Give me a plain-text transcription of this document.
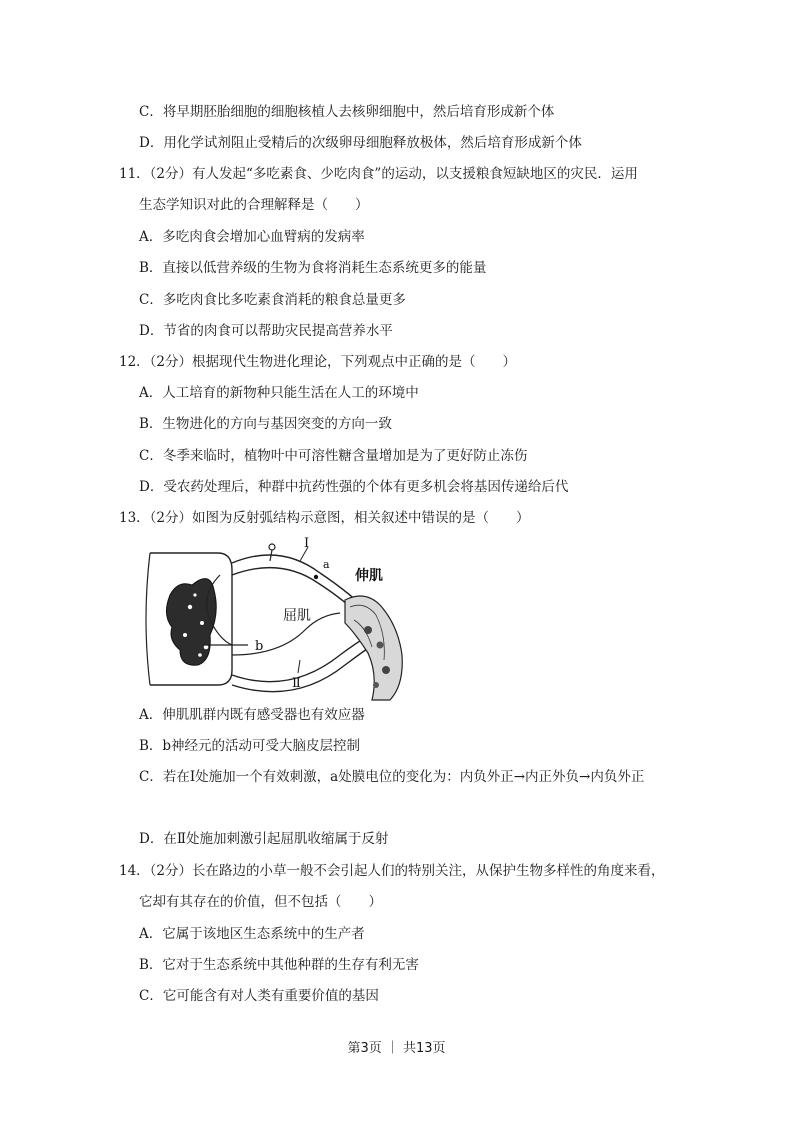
C．将早期胚胎细胞的细胞核植人去核卵细胞中，然后培育形成新个体
D．用化学试剂阻止受精后的次级卵母细胞释放极体，然后培育形成新个体
11．（2分）有人发起“多吃素食、少吃肉食”的运动，以支援粮食短缺地区的灾民．运用
生态学知识对此的合理解释是（　　）
A．多吃肉食会增加心血臂病的发病率
B．直接以低营养级的生物为食将消耗生态系统更多的能量
C．多吃肉食比多吃素食消耗的粮食总量更多
D．节省的肉食可以帮助灾民提高营养水平
12．（2分）根据现代生物进化理论，下列观点中正确的是（　　）
A．人工培育的新物种只能生活在人工的环境中
B．生物进化的方向与基因突变的方向一致
C．冬季来临时，植物叶中可溶性糖含量增加是为了更好防止冻伤
D．受农药处理后，种群中抗药性强的个体有更多机会将基因传递给后代
13．（2分）如图为反射弧结构示意图，相关叙述中错误的是（　　）
Ⅰ
a
伸肌
屈肌
b
Ⅱ
A．伸肌肌群内既有感受器也有效应器
B．b神经元的活动可受大脑皮层控制
C．若在Ⅰ处施加一个有效刺激，a处膜电位的变化为：内负外正→内正外负→内负外正
D．在Ⅱ处施加刺激引起屈肌收缩属于反射
14．（2分）长在路边的小草一般不会引起人们的特别关注，从保护生物多样性的角度来看，
它却有其存在的价值，但不包括（　　）
A．它属于该地区生态系统中的生产者
B．它对于生态系统中其他种群的生存有利无害
C．它可能含有对人类有重要价值的基因
第3页 ｜ 共13页
